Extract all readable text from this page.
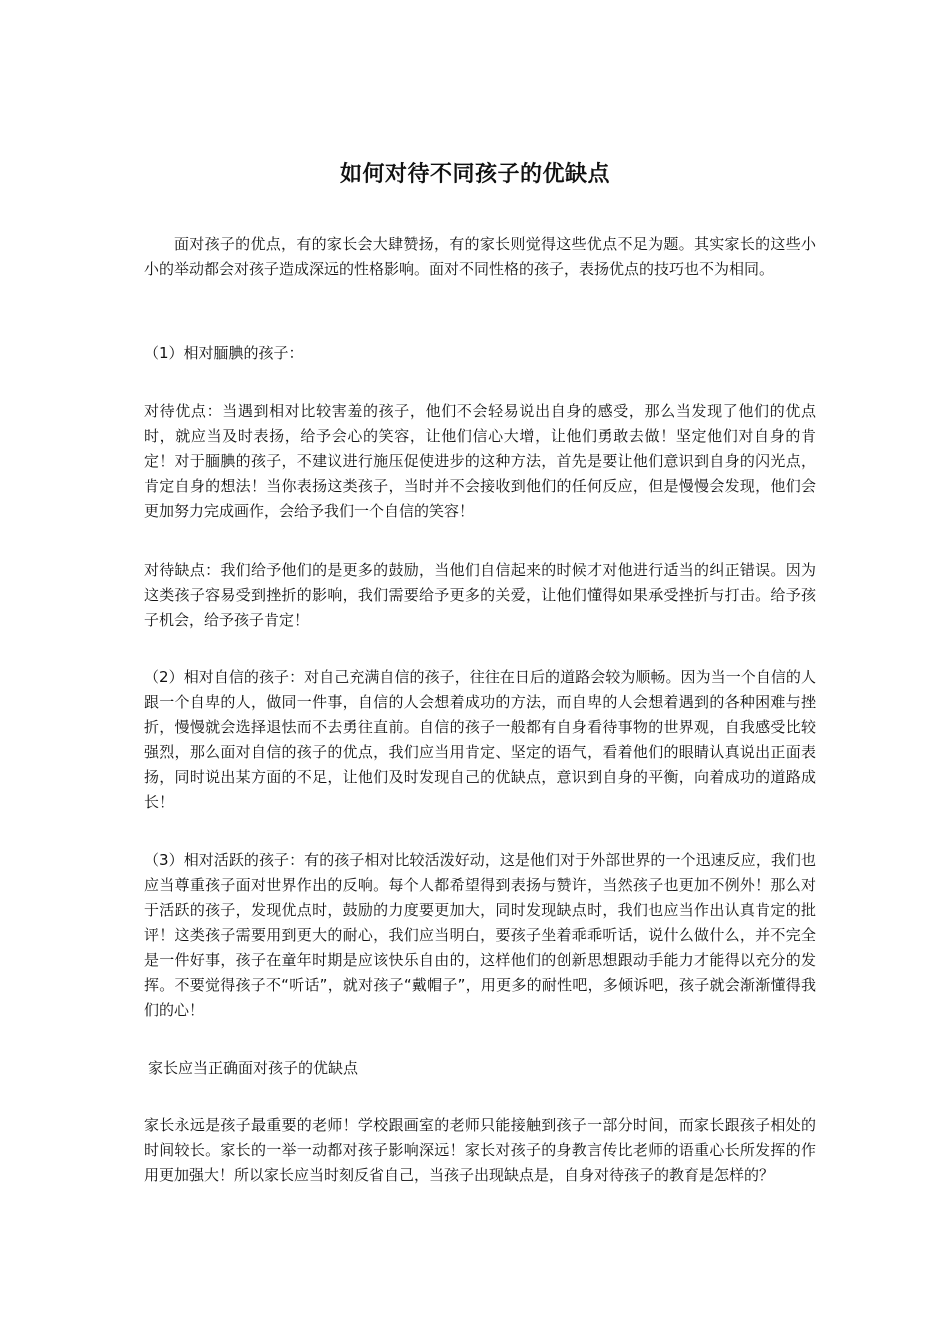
如何对待不同孩子的优缺点

面对孩子的优点，有的家长会大肆赞扬，有的家长则觉得这些优点不足为题。其实家长的这些小小的举动都会对孩子造成深远的性格影响。面对不同性格的孩子，表扬优点的技巧也不为相同。

（1）相对腼腆的孩子：

对待优点：当遇到相对比较害羞的孩子，他们不会轻易说出自身的感受，那么当发现了他们的优点时，就应当及时表扬，给予会心的笑容，让他们信心大增，让他们勇敢去做！坚定他们对自身的肯定！对于腼腆的孩子，不建议进行施压促使进步的这种方法，首先是要让他们意识到自身的闪光点，肯定自身的想法！当你表扬这类孩子，当时并不会接收到他们的任何反应，但是慢慢会发现，他们会更加努力完成画作，会给予我们一个自信的笑容！

对待缺点：我们给予他们的是更多的鼓励，当他们自信起来的时候才对他进行适当的纠正错误。因为这类孩子容易受到挫折的影响，我们需要给予更多的关爱，让他们懂得如果承受挫折与打击。给予孩子机会，给予孩子肯定！

（2）相对自信的孩子：对自己充满自信的孩子，往往在日后的道路会较为顺畅。因为当一个自信的人跟一个自卑的人，做同一件事，自信的人会想着成功的方法，而自卑的人会想着遇到的各种困难与挫折，慢慢就会选择退怯而不去勇往直前。自信的孩子一般都有自身看待事物的世界观，自我感受比较强烈，那么面对自信的孩子的优点，我们应当用肯定、坚定的语气，看着他们的眼睛认真说出正面表扬，同时说出某方面的不足，让他们及时发现自己的优缺点，意识到自身的平衡，向着成功的道路成长！

（3）相对活跃的孩子：有的孩子相对比较活泼好动，这是他们对于外部世界的一个迅速反应，我们也应当尊重孩子面对世界作出的反响。每个人都希望得到表扬与赞许，当然孩子也更加不例外！那么对于活跃的孩子，发现优点时，鼓励的力度要更加大，同时发现缺点时，我们也应当作出认真肯定的批评！这类孩子需要用到更大的耐心，我们应当明白，要孩子坐着乖乖听话，说什么做什么，并不完全是一件好事，孩子在童年时期是应该快乐自由的，这样他们的创新思想跟动手能力才能得以充分的发挥。不要觉得孩子不“听话”，就对孩子“戴帽子”，用更多的耐性吧，多倾诉吧，孩子就会渐渐懂得我们的心！

家长应当正确面对孩子的优缺点

家长永远是孩子最重要的老师！学校跟画室的老师只能接触到孩子一部分时间，而家长跟孩子相处的时间较长。家长的一举一动都对孩子影响深远！家长对孩子的身教言传比老师的语重心长所发挥的作用更加强大！所以家长应当时刻反省自己，当孩子出现缺点是，自身对待孩子的教育是怎样的？
